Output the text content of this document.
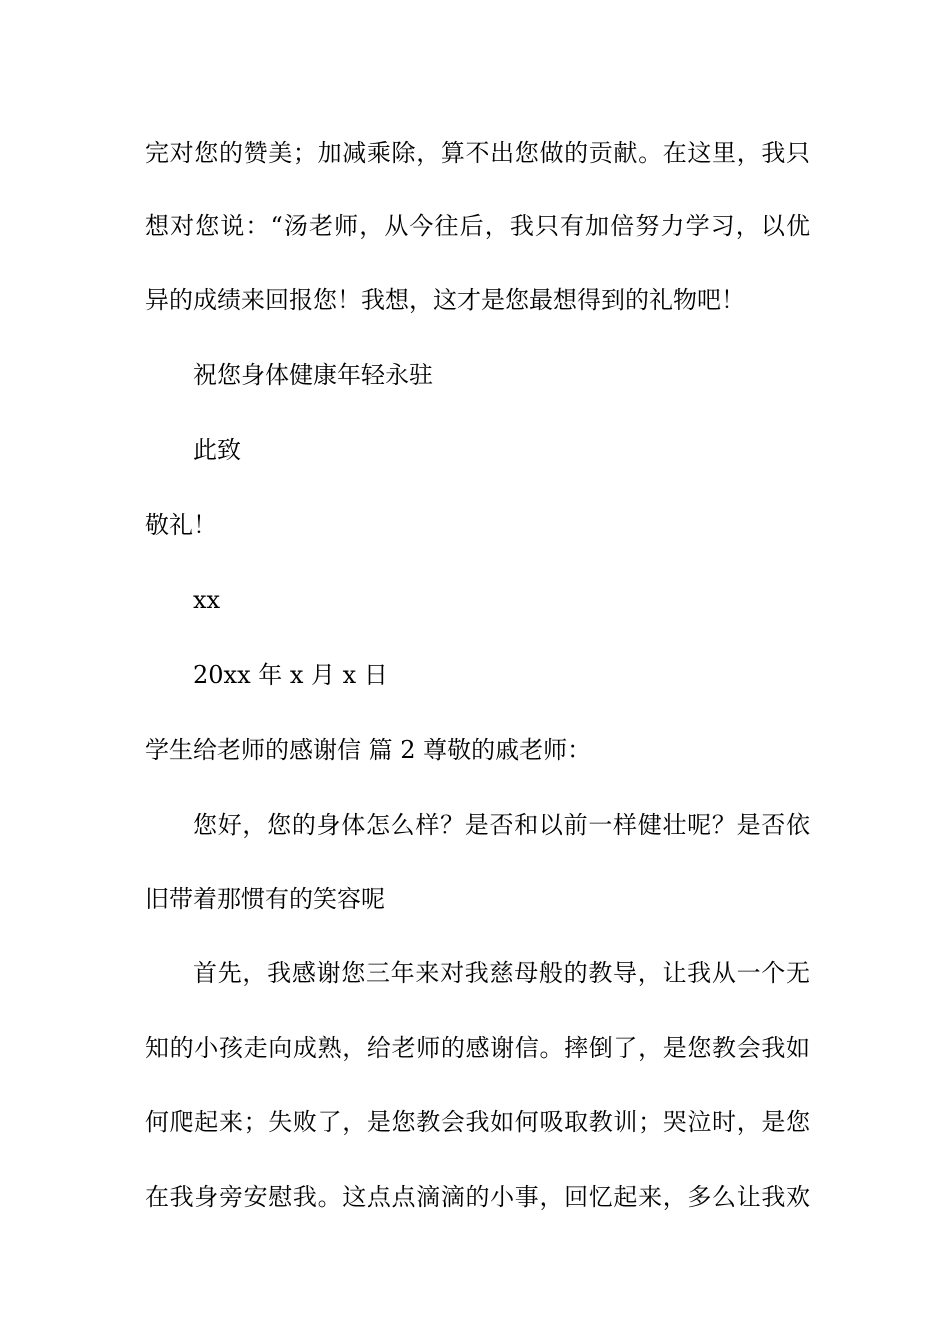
完对您的赞美；加减乘除，算不出您做的贡献。在这里，我只

想对您说：“汤老师，从今往后，我只有加倍努力学习，以优

异的成绩来回报您！我想，这才是您最想得到的礼物吧！

祝您身体健康年轻永驻

此致

敬礼！

xx

20xx 年 x 月 x 日

学生给老师的感谢信 篇 2 尊敬的戚老师：

您好，您的身体怎么样？是否和以前一样健壮呢？是否依

旧带着那惯有的笑容呢

首先，我感谢您三年来对我慈母般的教导，让我从一个无

知的小孩走向成熟，给老师的感谢信。摔倒了，是您教会我如

何爬起来；失败了，是您教会我如何吸取教训；哭泣时，是您

在我身旁安慰我。这点点滴滴的小事，回忆起来，多么让我欢
